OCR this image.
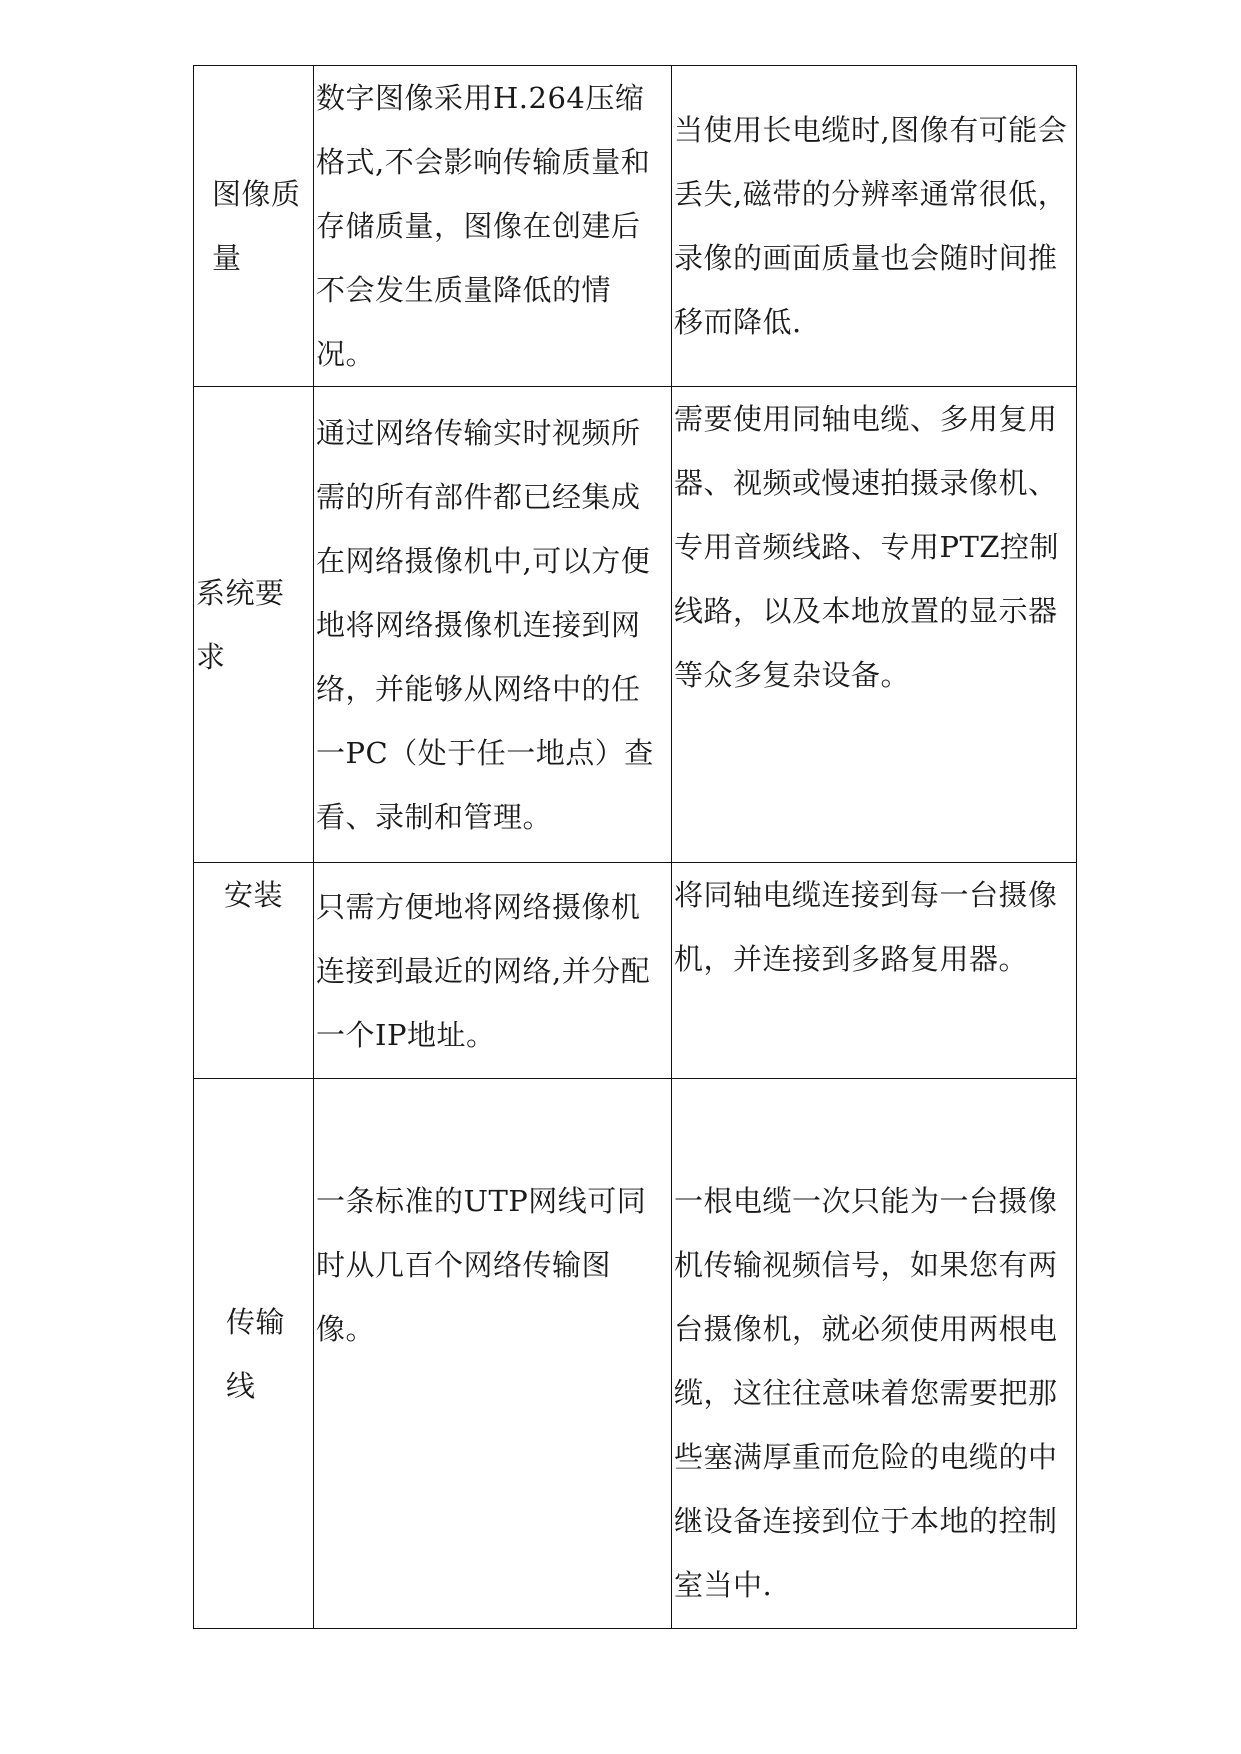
图像质量	数字图像采用H.264压缩格式,不会影响传输质量和存储质量，图像在创建后不会发生质量降低的情况。	当使用长电缆时,图像有可能会丢失,磁带的分辨率通常很低，录像的画面质量也会随时间推移而降低.

系统要求	通过网络传输实时视频所需的所有部件都已经集成在网络摄像机中,可以方便地将网络摄像机连接到网络，并能够从网络中的任一PC（处于任一地点）查看、录制和管理。	需要使用同轴电缆、多用复用器、视频或慢速拍摄录像机、专用音频线路、专用PTZ控制线路，以及本地放置的显示器等众多复杂设备。

安装	只需方便地将网络摄像机连接到最近的网络,并分配一个IP地址。	将同轴电缆连接到每一台摄像机，并连接到多路复用器。

传输线	一条标准的UTP网线可同时从几百个网络传输图像。	一根电缆一次只能为一台摄像机传输视频信号，如果您有两台摄像机，就必须使用两根电缆，这往往意味着您需要把那些塞满厚重而危险的电缆的中继设备连接到位于本地的控制室当中.
